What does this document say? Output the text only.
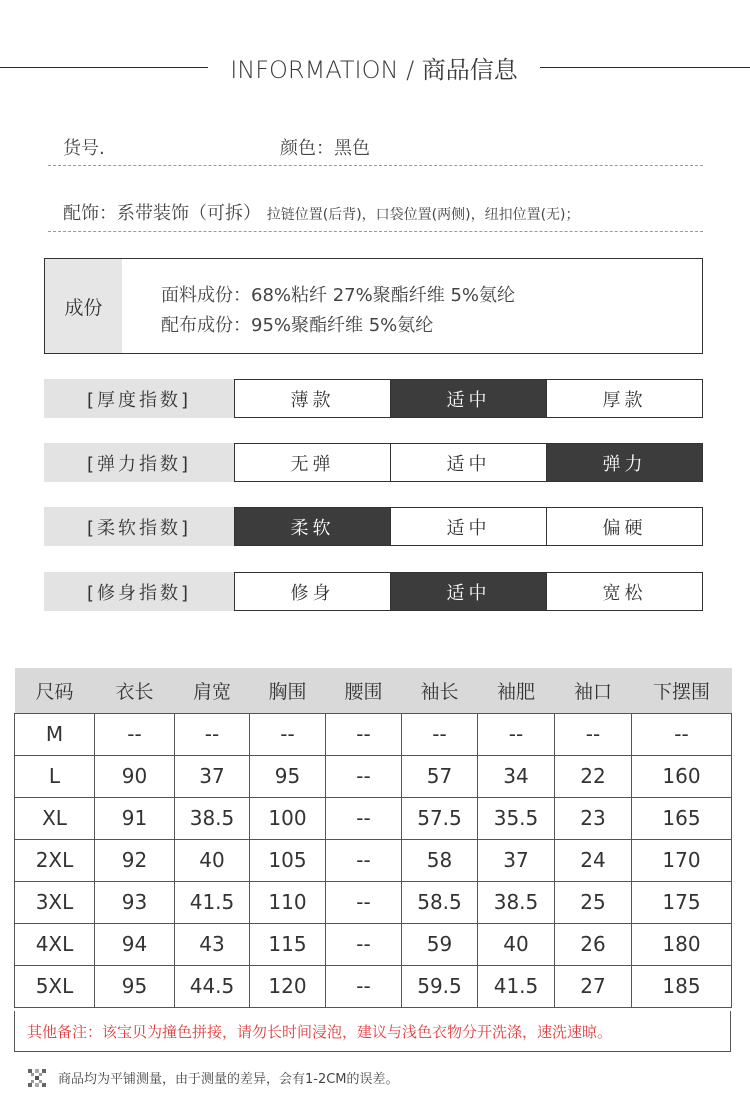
INFORMATION / 商品信息
货号.	颜色：黑色
配饰：系带装饰（可拆） 拉链位置(后背)，口袋位置(两侧)，纽扣位置(无)；
成份
面料成份：68%粘纤 27%聚酯纤维 5%氨纶
配布成份：95%聚酯纤维 5%氨纶
[厚度指数]	薄款	适中	厚款
[弹力指数]	无弹	适中	弹力
[柔软指数]	柔软	适中	偏硬
[修身指数]	修身	适中	宽松
尺码	衣长	肩宽	胸围	腰围	袖长	袖肥	袖口	下摆围
M	--	--	--	--	--	--	--	--
L	90	37	95	--	57	34	22	160
XL	91	38.5	100	--	57.5	35.5	23	165
2XL	92	40	105	--	58	37	24	170
3XL	93	41.5	110	--	58.5	38.5	25	175
4XL	94	43	115	--	59	40	26	180
5XL	95	44.5	120	--	59.5	41.5	27	185
其他备注：该宝贝为撞色拼接，请勿长时间浸泡，建议与浅色衣物分开洗涤，速洗速晾。
商品均为平铺测量，由于测量的差异，会有1-2CM的误差。
